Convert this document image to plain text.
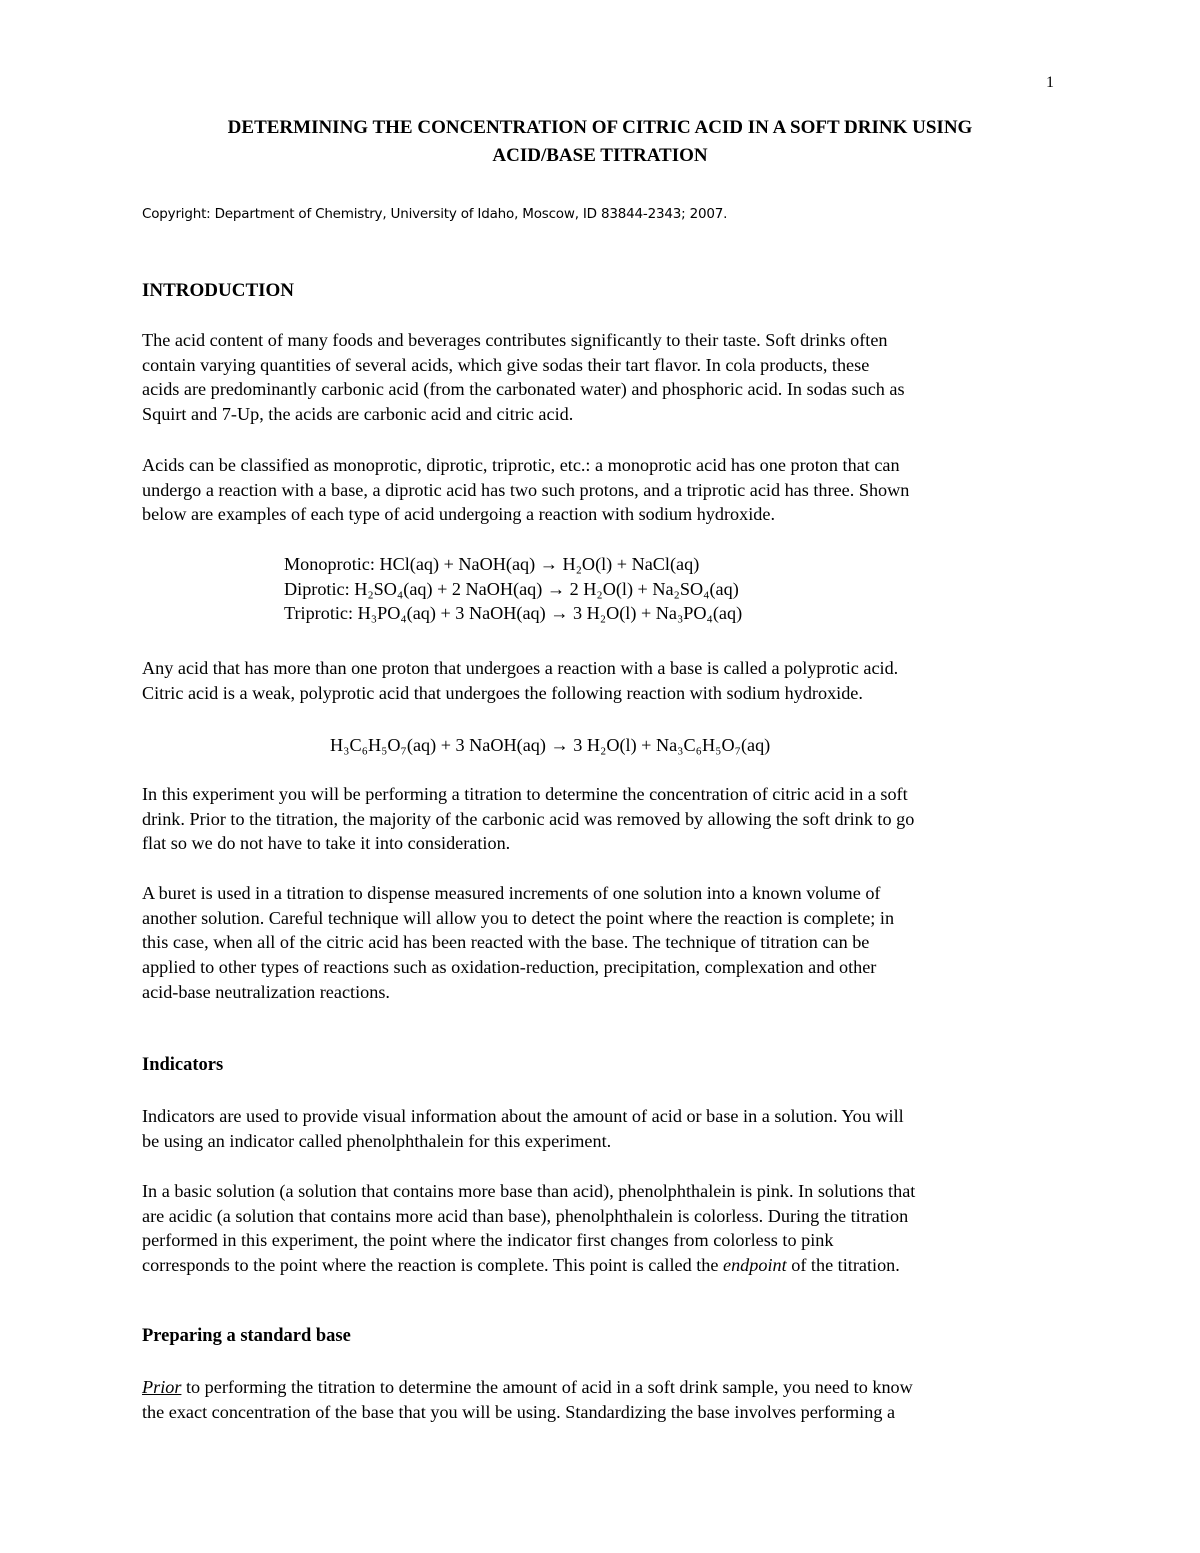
1
DETERMINING THE CONCENTRATION OF CITRIC ACID IN A SOFT DRINK USING
ACID/BASE TITRATION
Copyright: Department of Chemistry, University of Idaho, Moscow, ID 83844-2343; 2007.
INTRODUCTION
The acid content of many foods and beverages contributes significantly to their taste. Soft drinks often
contain varying quantities of several acids, which give sodas their tart flavor. In cola products, these
acids are predominantly carbonic acid (from the carbonated water) and phosphoric acid. In sodas such as
Squirt and 7-Up, the acids are carbonic acid and citric acid.
Acids can be classified as monoprotic, diprotic, triprotic, etc.: a monoprotic acid has one proton that can
undergo a reaction with a base, a diprotic acid has two such protons, and a triprotic acid has three. Shown
below are examples of each type of acid undergoing a reaction with sodium hydroxide.
Monoprotic: HCl(aq) + NaOH(aq) → H₂O(l) + NaCl(aq)
Diprotic: H₂SO₄(aq) + 2 NaOH(aq) → 2 H₂O(l) + Na₂SO₄(aq)
Triprotic: H₃PO₄(aq) + 3 NaOH(aq) → 3 H₂O(l) + Na₃PO₄(aq)
Any acid that has more than one proton that undergoes a reaction with a base is called a polyprotic acid.
Citric acid is a weak, polyprotic acid that undergoes the following reaction with sodium hydroxide.
H₃C₆H₅O₇(aq) + 3 NaOH(aq) → 3 H₂O(l) + Na₃C₆H₅O₇(aq)
In this experiment you will be performing a titration to determine the concentration of citric acid in a soft
drink. Prior to the titration, the majority of the carbonic acid was removed by allowing the soft drink to go
flat so we do not have to take it into consideration.
A buret is used in a titration to dispense measured increments of one solution into a known volume of
another solution. Careful technique will allow you to detect the point where the reaction is complete; in
this case, when all of the citric acid has been reacted with the base. The technique of titration can be
applied to other types of reactions such as oxidation-reduction, precipitation, complexation and other
acid-base neutralization reactions.
Indicators
Indicators are used to provide visual information about the amount of acid or base in a solution. You will
be using an indicator called phenolphthalein for this experiment.
In a basic solution (a solution that contains more base than acid), phenolphthalein is pink. In solutions that
are acidic (a solution that contains more acid than base), phenolphthalein is colorless. During the titration
performed in this experiment, the point where the indicator first changes from colorless to pink
corresponds to the point where the reaction is complete. This point is called the endpoint of the titration.
Preparing a standard base
Prior to performing the titration to determine the amount of acid in a soft drink sample, you need to know
the exact concentration of the base that you will be using. Standardizing the base involves performing a
